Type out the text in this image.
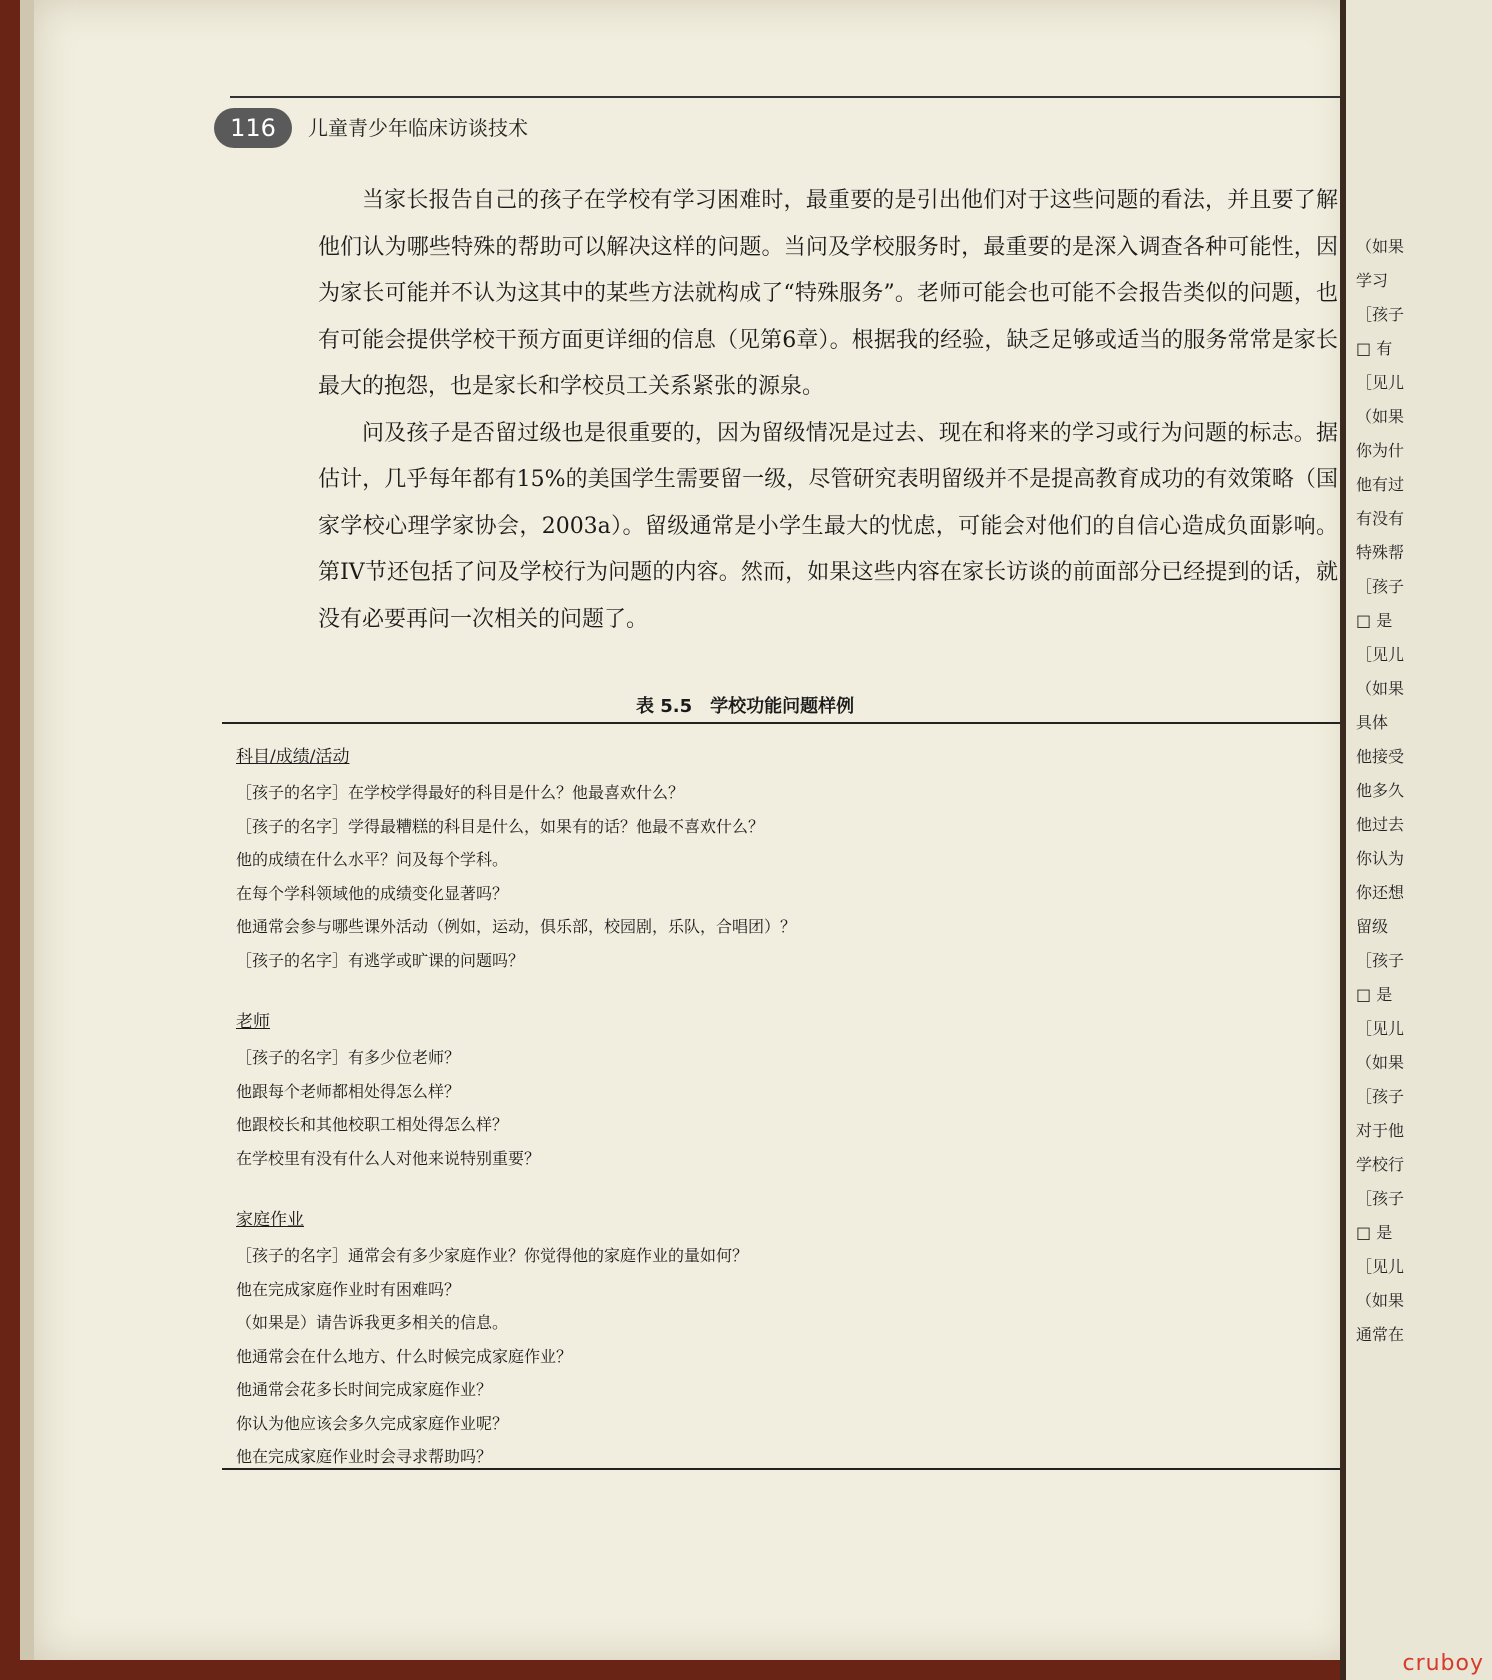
116	儿童青少年临床访谈技术

当家长报告自己的孩子在学校有学习困难时，最重要的是引出他们对于这些问题的看法，并且要了解他们认为哪些特殊的帮助可以解决这样的问题。当问及学校服务时，最重要的是深入调查各种可能性，因为家长可能并不认为这其中的某些方法就构成了“特殊服务”。老师可能会也可能不会报告类似的问题，也有可能会提供学校干预方面更详细的信息（见第6章）。根据我的经验，缺乏足够或适当的服务常常是家长最大的抱怨，也是家长和学校员工关系紧张的源泉。

问及孩子是否留过级也是很重要的，因为留级情况是过去、现在和将来的学习或行为问题的标志。据估计，几乎每年都有15%的美国学生需要留一级，尽管研究表明留级并不是提高教育成功的有效策略（国家学校心理学家协会，2003a）。留级通常是小学生最大的忧虑，可能会对他们的自信心造成负面影响。第IV节还包括了问及学校行为问题的内容。然而，如果这些内容在家长访谈的前面部分已经提到的话，就没有必要再问一次相关的问题了。

表 5.5　学校功能问题样例
科目/成绩/活动
［孩子的名字］在学校学得最好的科目是什么？他最喜欢什么？
［孩子的名字］学得最糟糕的科目是什么，如果有的话？他最不喜欢什么？
他的成绩在什么水平？问及每个学科。
在每个学科领域他的成绩变化显著吗？
他通常会参与哪些课外活动（例如，运动，俱乐部，校园剧，乐队，合唱团）？
［孩子的名字］有逃学或旷课的问题吗？
老师
［孩子的名字］有多少位老师？
他跟每个老师都相处得怎么样？
他跟校长和其他校职工相处得怎么样？
在学校里有没有什么人对他来说特别重要？
家庭作业
［孩子的名字］通常会有多少家庭作业？你觉得他的家庭作业的量如何？
他在完成家庭作业时有困难吗？
（如果是）请告诉我更多相关的信息。
他通常会在什么地方、什么时候完成家庭作业？
他通常会花多长时间完成家庭作业？
你认为他应该会多久完成家庭作业呢？
他在完成家庭作业时会寻求帮助吗？
（如果
学习
［孩子
□ 有
［见儿
（如果
你为什
他有过
有没有
特殊帮
［孩子
□ 是
［见儿
（如果
具体
他接受
他多久
他过去
你认为
你还想
留级
［孩子
□ 是
［见儿
（如果
［孩子
对于他
学校行
［孩子
□ 是
［见儿
（如果
通常在
cruboy
